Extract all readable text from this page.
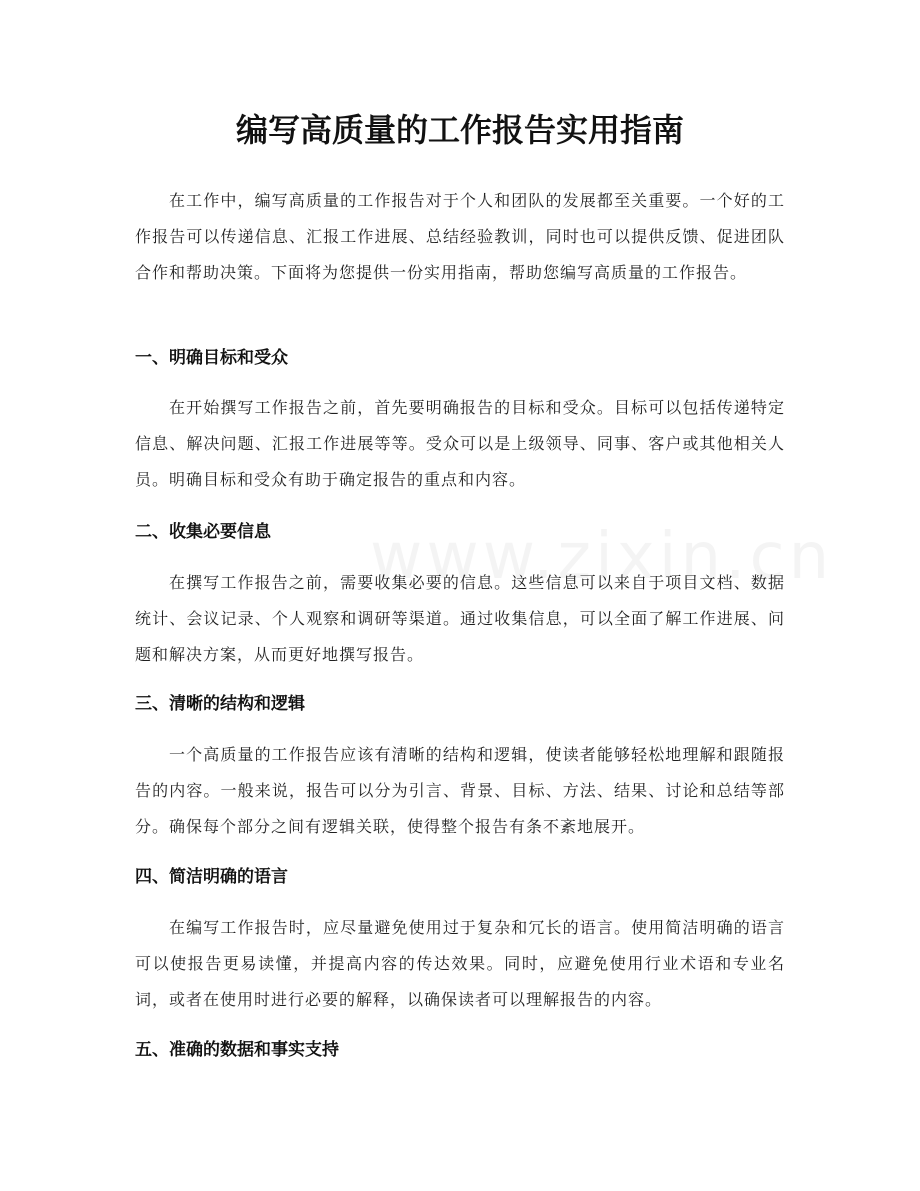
编写高质量的工作报告实用指南

在工作中，编写高质量的工作报告对于个人和团队的发展都至关重要。一个好的工作报告可以传递信息、汇报工作进展、总结经验教训，同时也可以提供反馈、促进团队合作和帮助决策。下面将为您提供一份实用指南，帮助您编写高质量的工作报告。

一、明确目标和受众

在开始撰写工作报告之前，首先要明确报告的目标和受众。目标可以包括传递特定信息、解决问题、汇报工作进展等等。受众可以是上级领导、同事、客户或其他相关人员。明确目标和受众有助于确定报告的重点和内容。

二、收集必要信息

在撰写工作报告之前，需要收集必要的信息。这些信息可以来自于项目文档、数据统计、会议记录、个人观察和调研等渠道。通过收集信息，可以全面了解工作进展、问题和解决方案，从而更好地撰写报告。

三、清晰的结构和逻辑

一个高质量的工作报告应该有清晰的结构和逻辑，使读者能够轻松地理解和跟随报告的内容。一般来说，报告可以分为引言、背景、目标、方法、结果、讨论和总结等部分。确保每个部分之间有逻辑关联，使得整个报告有条不紊地展开。

四、简洁明确的语言

在编写工作报告时，应尽量避免使用过于复杂和冗长的语言。使用简洁明确的语言可以使报告更易读懂，并提高内容的传达效果。同时，应避免使用行业术语和专业名词，或者在使用时进行必要的解释，以确保读者可以理解报告的内容。

五、准确的数据和事实支持
